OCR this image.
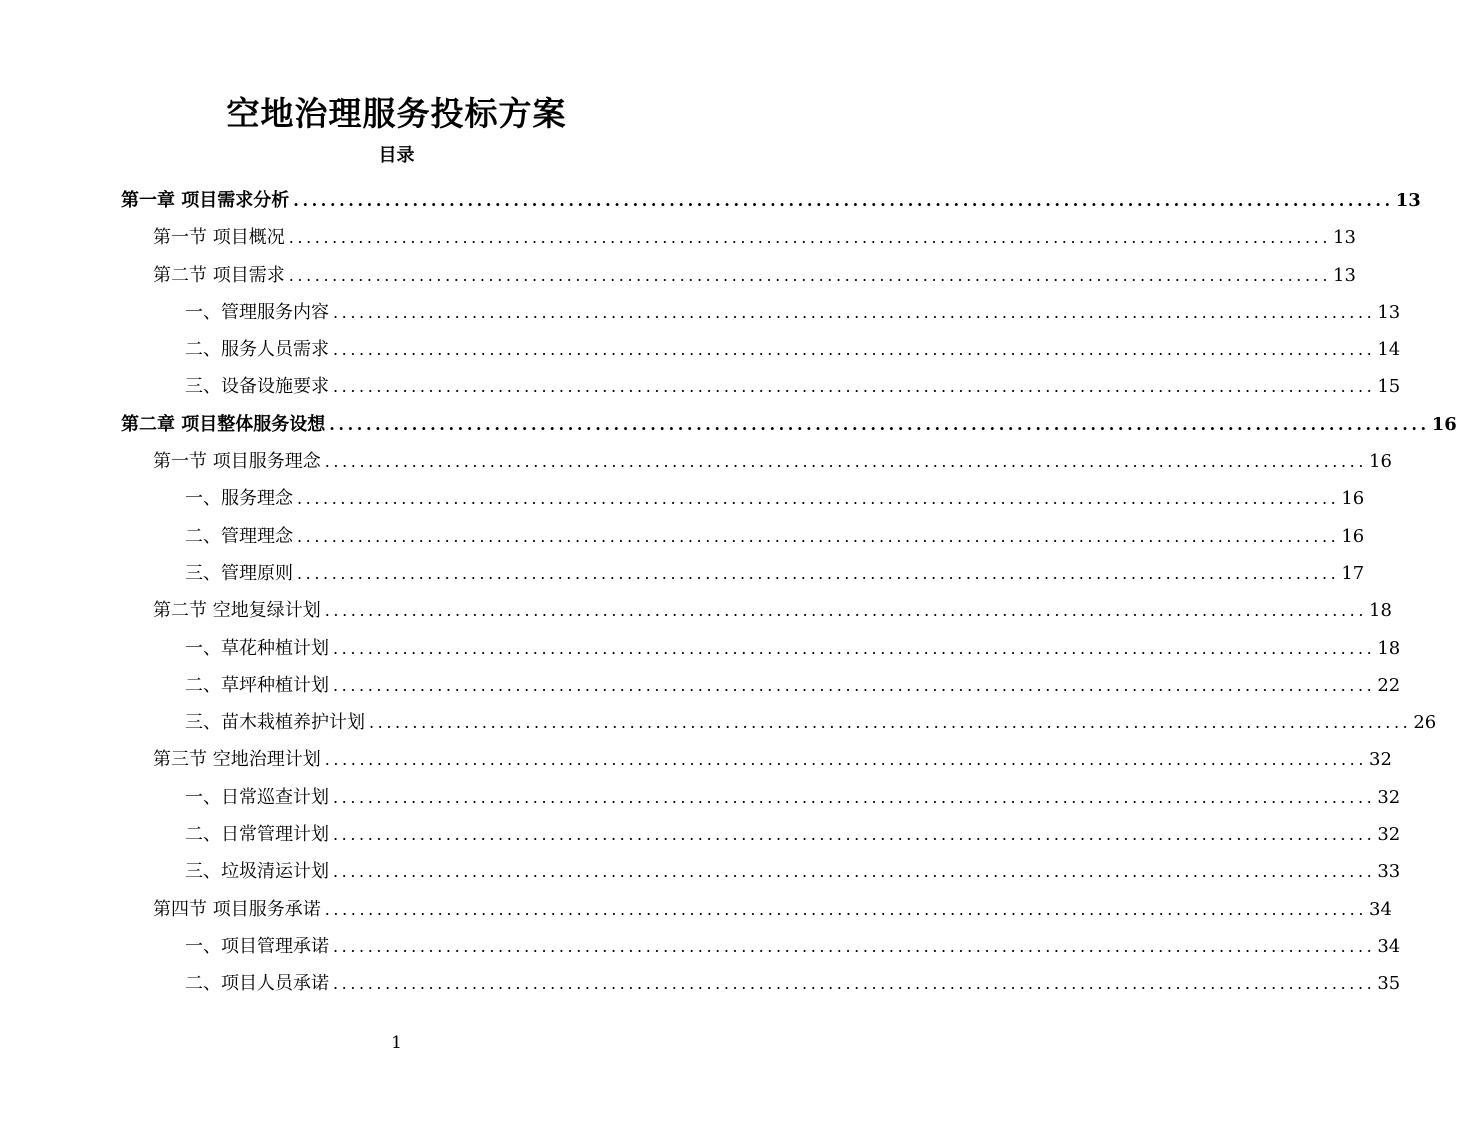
空地治理服务投标方案
目录
第一章 项目需求分析 ........................................................................................................................ 13
第一节 项目概况 ........................................................................................................................ 13
第二节 项目需求 ........................................................................................................................ 13
一、管理服务内容 ........................................................................................................................ 13
二、服务人员需求 ........................................................................................................................ 14
三、设备设施要求 ........................................................................................................................ 15
第二章 项目整体服务设想 ........................................................................................................................ 16
第一节 项目服务理念 ........................................................................................................................ 16
一、服务理念 ........................................................................................................................ 16
二、管理理念 ........................................................................................................................ 16
三、管理原则 ........................................................................................................................ 17
第二节 空地复绿计划 ........................................................................................................................ 18
一、草花种植计划 ........................................................................................................................ 18
二、草坪种植计划 ........................................................................................................................ 22
三、苗木栽植养护计划 ........................................................................................................................ 26
第三节 空地治理计划 ........................................................................................................................ 32
一、日常巡查计划 ........................................................................................................................ 32
二、日常管理计划 ........................................................................................................................ 32
三、垃圾清运计划 ........................................................................................................................ 33
第四节 项目服务承诺 ........................................................................................................................ 34
一、项目管理承诺 ........................................................................................................................ 34
二、项目人员承诺 ........................................................................................................................ 35
1
